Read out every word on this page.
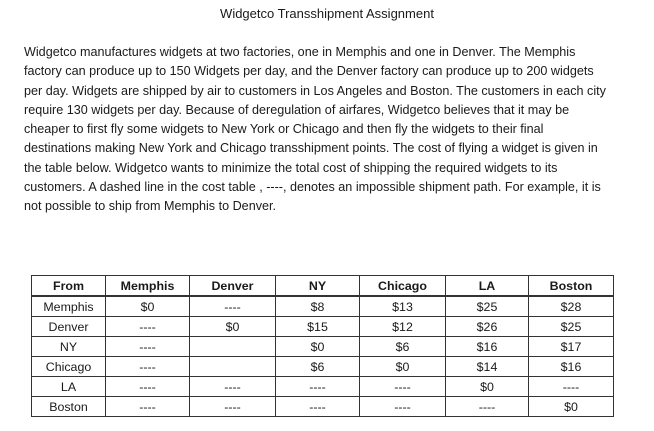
Widgetco Transshipment Assignment
Widgetco manufactures widgets at two factories, one in Memphis and one in Denver. The Memphis
factory can produce up to 150 Widgets per day, and the Denver factory can produce up to 200 widgets
per day. Widgets are shipped by air to customers in Los Angeles and Boston. The customers in each city
require 130 widgets per day. Because of deregulation of airfares, Widgetco believes that it may be
cheaper to first fly some widgets to New York or Chicago and then fly the widgets to their final
destinations making New York and Chicago transshipment points. The cost of flying a widget is given in
the table below. Widgetco wants to minimize the total cost of shipping the required widgets to its
customers. A dashed line in the cost table , ----, denotes an impossible shipment path. For example, it is
not possible to ship from Memphis to Denver.
From	Memphis	Denver	NY	Chicago	LA	Boston
Memphis	$0	----	$8	$13	$25	$28
Denver	----	$0	$15	$12	$26	$25
NY	----		$0	$6	$16	$17
Chicago	----		$6	$0	$14	$16
LA	----	----	----	----	$0	----
Boston	----	----	----	----	----	$0
